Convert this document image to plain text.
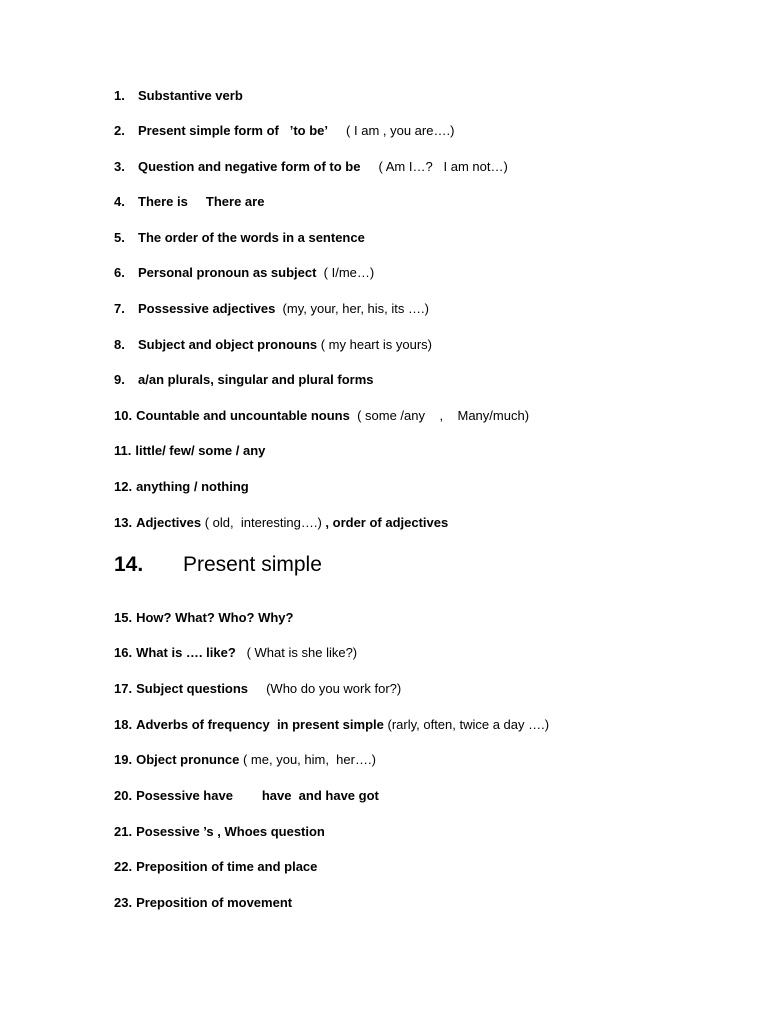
1. Substantive verb
2. Present simple form of   ’to be’     ( I am , you are….)
3. Question and negative form of to be     ( Am I…?   I am not…)
4. There is     There are
5. The order of the words in a sentence
6. Personal pronoun as subject  ( I/me…)
7. Possessive adjectives  (my, your, her, his, its ….)
8. Subject and object pronouns ( my heart is yours)
9. a/an plurals, singular and plural forms
10. Countable and uncountable nouns  ( some /any    ,    Many/much)
11. little/ few/ some / any
12. anything / nothing
13. Adjectives ( old,  interesting….) , order of adjectives
14. Present simple
15. How? What? Who? Why?
16. What is …. like?   ( What is she like?)
17. Subject questions     (Who do you work for?)
18. Adverbs of frequency  in present simple (rarly, often, twice a day ….)
19. Object pronunce ( me, you, him,  her….)
20. Posessive have        have  and have got
21. Posessive ’s , Whoes question
22. Preposition of time and place
23. Preposition of movement
